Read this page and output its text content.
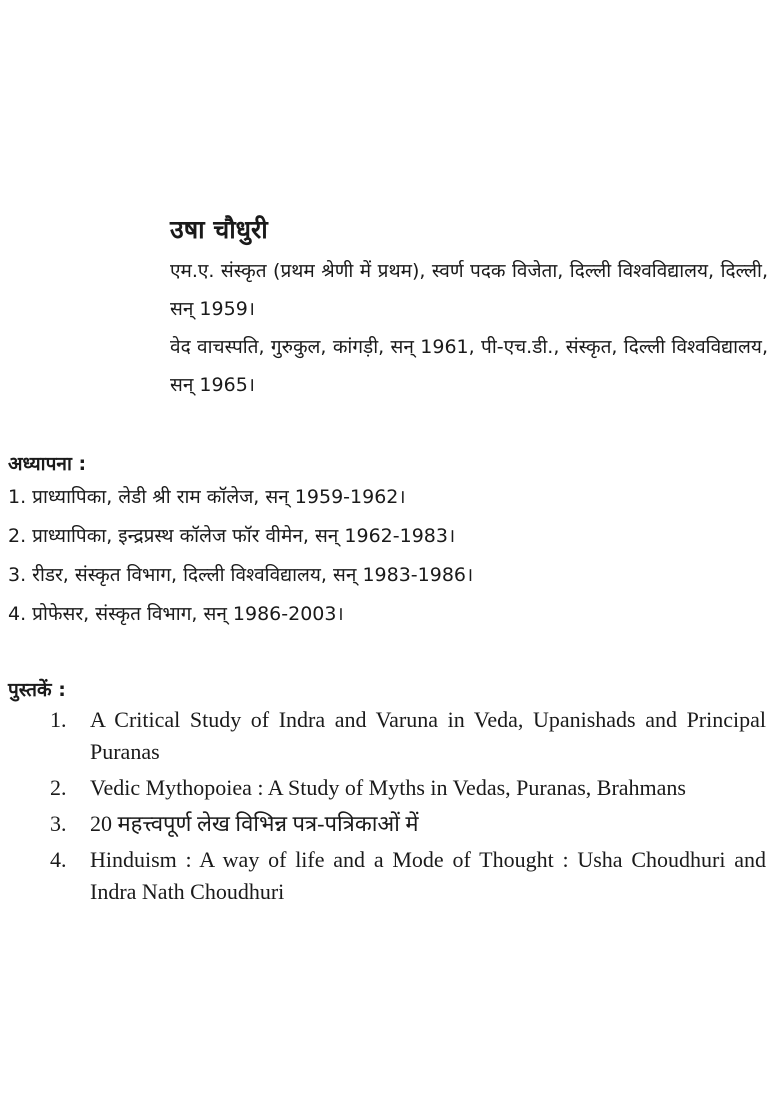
उषा चौधुरी

एम.ए. संस्कृत (प्रथम श्रेणी में प्रथम), स्वर्ण पदक विजेता, दिल्ली विश्वविद्यालय, दिल्ली, सन् 1959।

वेद वाचस्पति, गुरुकुल, कांगड़ी, सन् 1961, पी-एच.डी., संस्कृत, दिल्ली विश्वविद्यालय, सन् 1965।

अध्यापना :
1. प्राध्यापिका, लेडी श्री राम कॉलेज, सन् 1959-1962।
2. प्राध्यापिका, इन्द्रप्रस्थ कॉलेज फॉर वीमेन, सन् 1962-1983।
3. रीडर, संस्कृत विभाग, दिल्ली विश्वविद्यालय, सन् 1983-1986।
4. प्रोफेसर, संस्कृत विभाग, सन् 1986-2003।
पुस्तकें :
1.	A Critical Study of Indra and Varuna in Veda, Upanishads and Principal Puranas
2.	Vedic Mythopoiea : A Study of Myths in Vedas, Puranas, Brahmans
3.	20 महत्त्वपूर्ण लेख विभिन्न पत्र-पत्रिकाओं में
4.	Hinduism : A way of life and a Mode of Thought : Usha Choudhuri and Indra Nath Choudhuri
